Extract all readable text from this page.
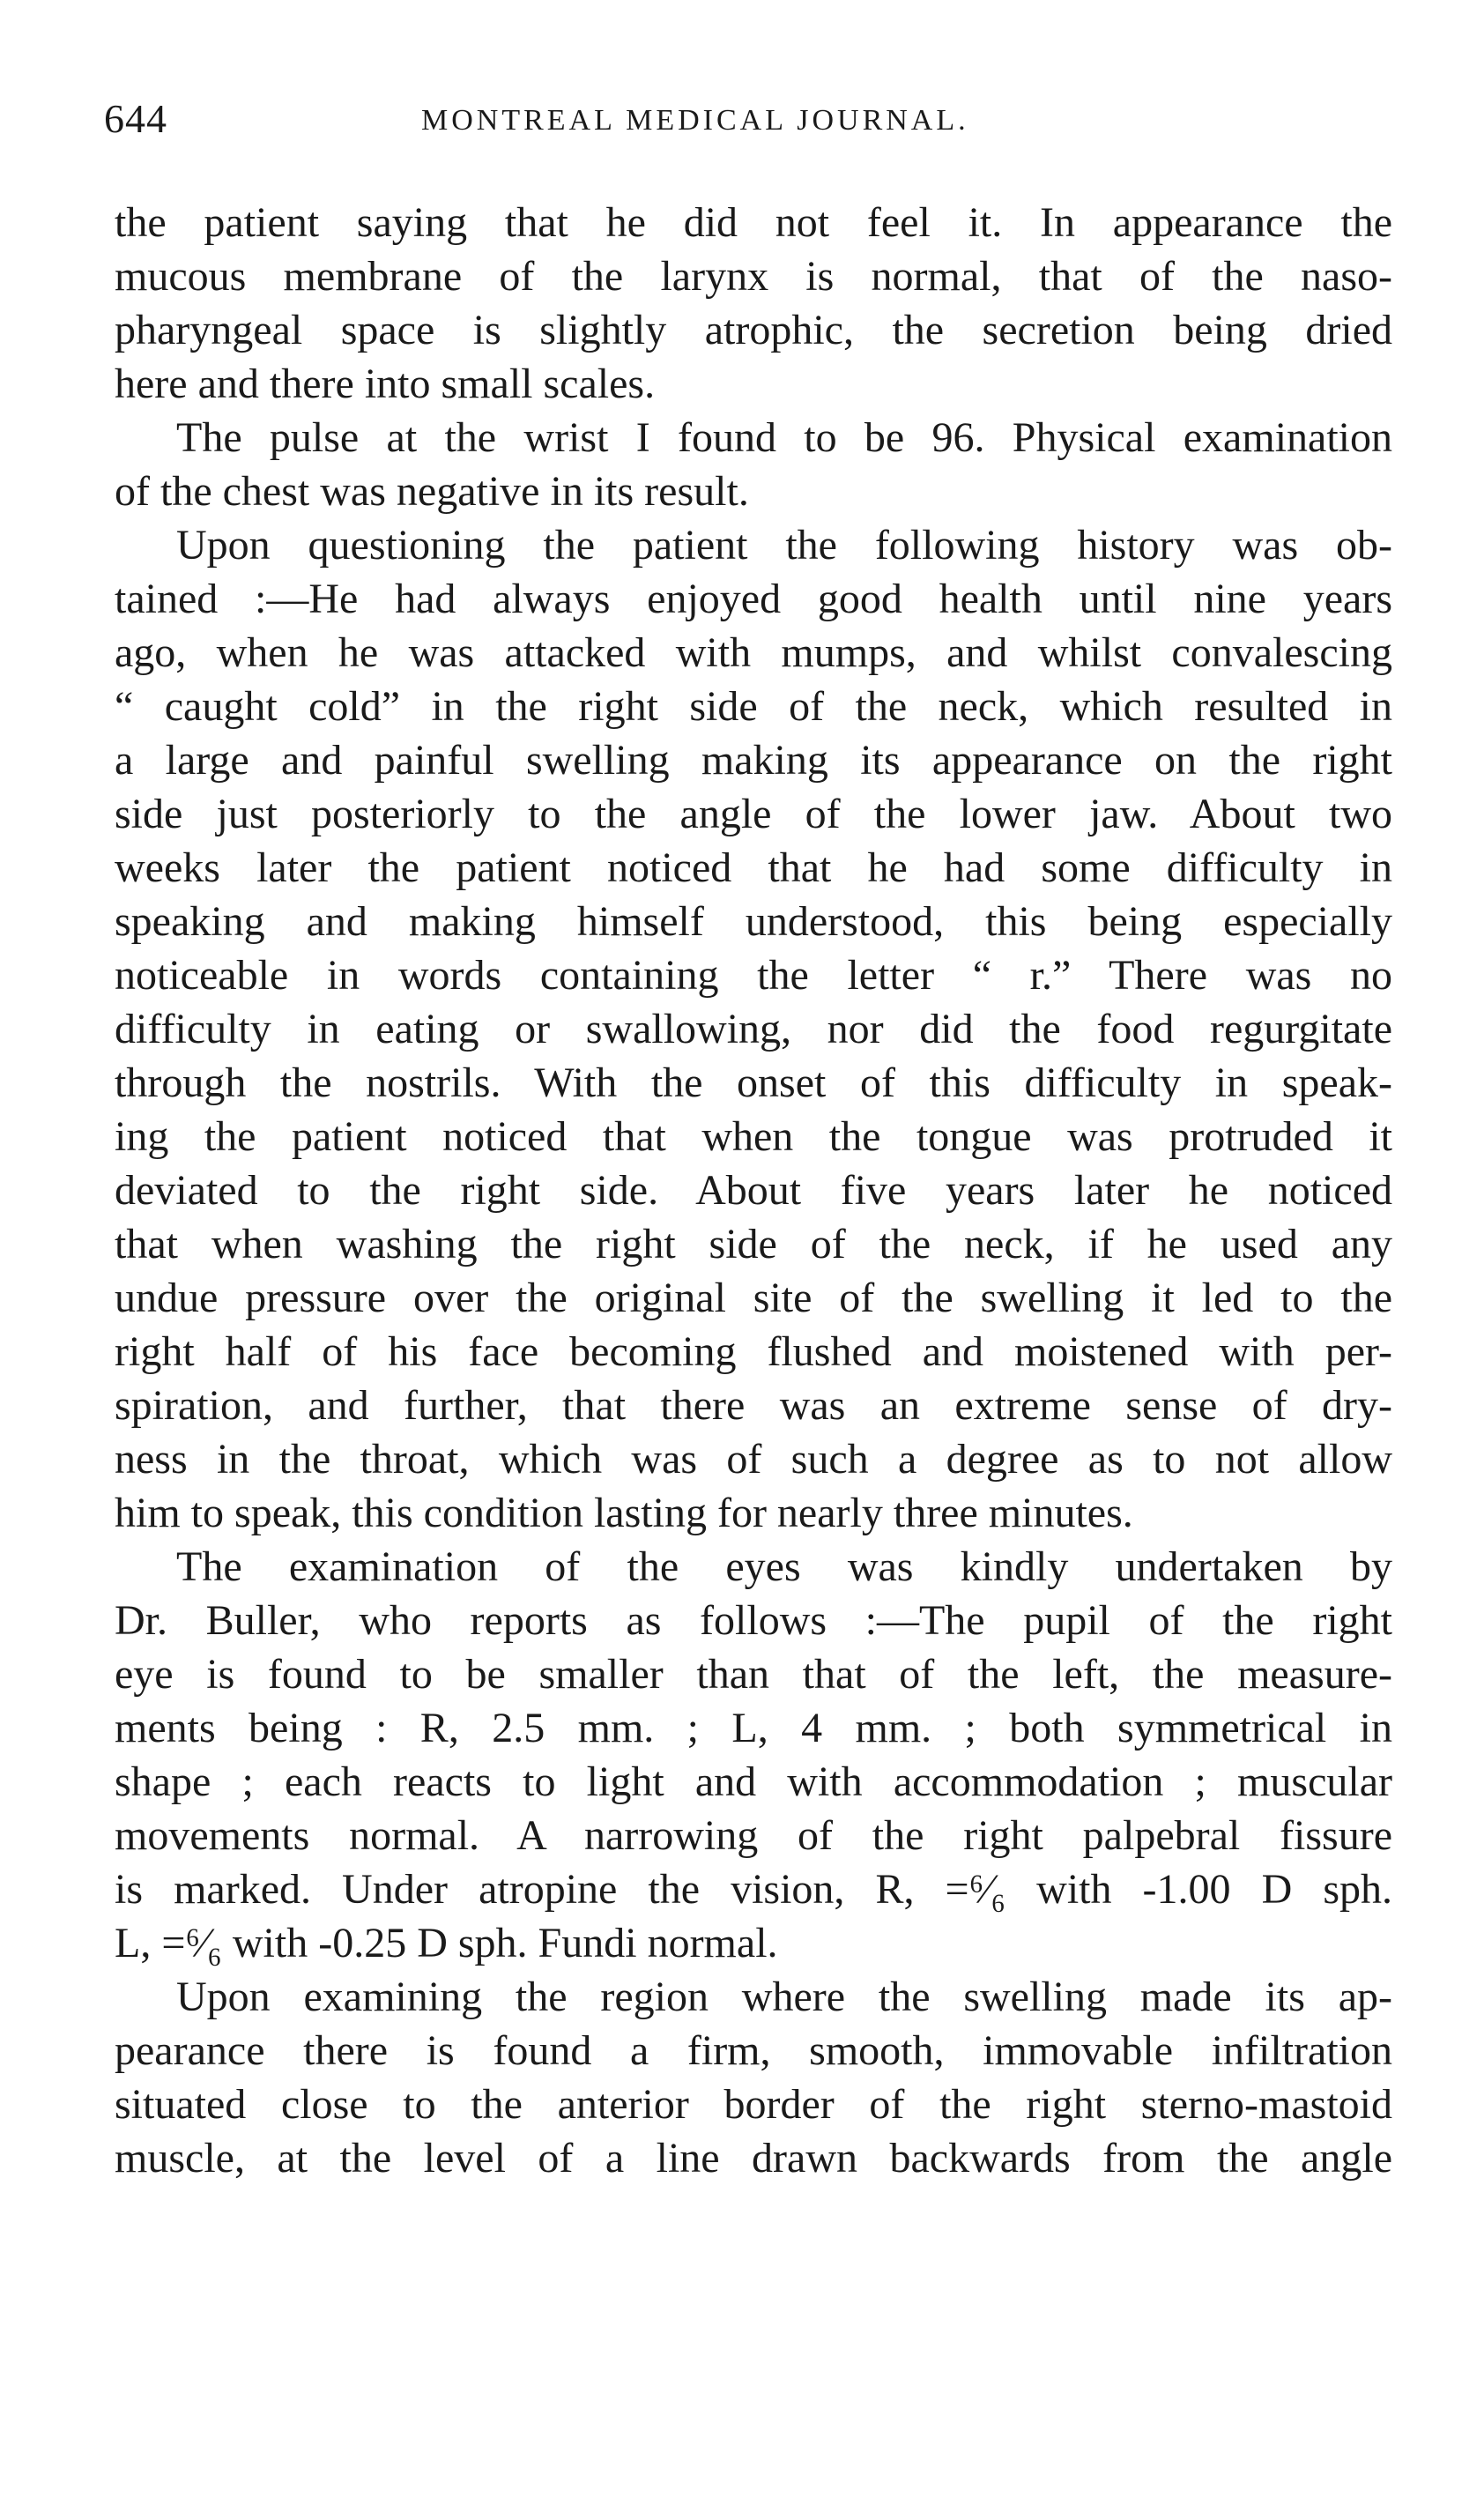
644	MONTREAL MEDICAL JOURNAL.
the patient saying that he did not feel it. In appearance the
mucous membrane of the larynx is normal, that of the naso-
pharyngeal space is slightly atrophic, the secretion being dried
here and there into small scales.
The pulse at the wrist I found to be 96. Physical examination
of the chest was negative in its result.
Upon questioning the patient the following history was ob-
tained :—He had always enjoyed good health until nine years
ago, when he was attacked with mumps, and whilst convalescing
“ caught cold” in the right side of the neck, which resulted in
a large and painful swelling making its appearance on the right
side just posteriorly to the angle of the lower jaw. About two
weeks later the patient noticed that he had some difficulty in
speaking and making himself understood, this being especially
noticeable in words containing the letter “ r.” There was no
difficulty in eating or swallowing, nor did the food regurgitate
through the nostrils. With the onset of this difficulty in speak-
ing the patient noticed that when the tongue was protruded it
deviated to the right side. About five years later he noticed
that when washing the right side of the neck, if he used any
undue pressure over the original site of the swelling it led to the
right half of his face becoming flushed and moistened with per-
spiration, and further, that there was an extreme sense of dry-
ness in the throat, which was of such a degree as to not allow
him to speak, this condition lasting for nearly three minutes.
The examination of the eyes was kindly undertaken by
Dr. Buller, who reports as follows :—The pupil of the right
eye is found to be smaller than that of the left, the measure-
ments being : R, 2.5 mm. ; L, 4 mm. ; both symmetrical in
shape ; each reacts to light and with accommodation ; muscular
movements normal. A narrowing of the right palpebral fissure
is marked. Under atropine the vision, R, =⁶⁄₆ with -1.00 D sph.
L, =⁶⁄₆ with -0.25 D sph. Fundi normal.
Upon examining the region where the swelling made its ap-
pearance there is found a firm, smooth, immovable infiltration
situated close to the anterior border of the right sterno-mastoid
muscle, at the level of a line drawn backwards from the angle
